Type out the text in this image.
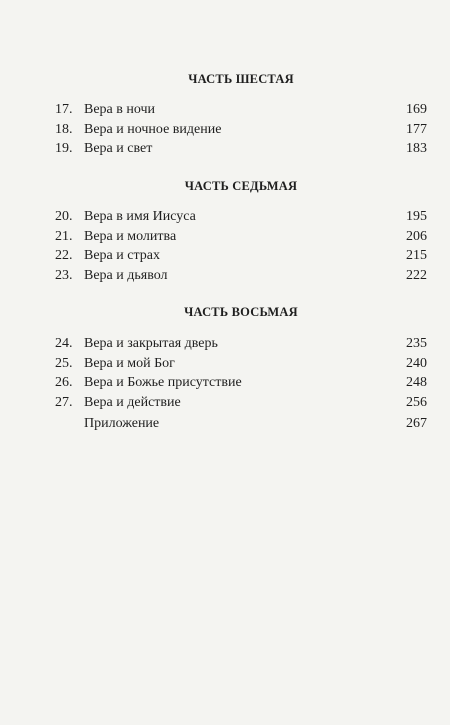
ЧАСТЬ ШЕСТАЯ
17. Вера в ночи	169
18. Вера и ночное видение	177
19. Вера и свет	183
ЧАСТЬ СЕДЬМАЯ
20. Вера в имя Иисуса	195
21. Вера и молитва	206
22. Вера и страх	215
23. Вера и дьявол	222
ЧАСТЬ ВОСЬМАЯ
24. Вера и закрытая дверь	235
25. Вера и мой Бог	240
26. Вера и Божье присутствие	248
27. Вера и действие	256
Приложение	267
